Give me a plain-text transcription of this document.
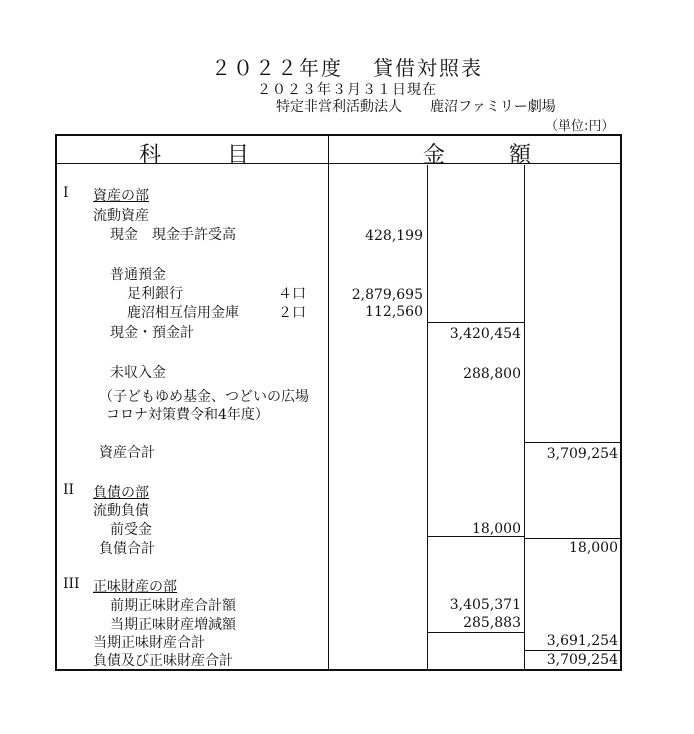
２０２２年度 貸借対照表
２０２３年３月３１日現在
特定非営利活動法人 鹿沼ファミリー劇場
（単位:円）
科	目	金	額
I 資産の部
流動資産
現金　現金手許受高	428,199
普通預金
足利銀行	４口	2,879,695
鹿沼相互信用金庫	２口	112,560
現金・預金計	3,420,454
未収入金	288,800
（子どもゆめ基金、つどいの広場
コロナ対策費令和4年度）
資産合計	3,709,254
II 負債の部
流動負債
前受金	18,000
負債合計	18,000
III 正味財産の部
前期正味財産合計額	3,405,371
当期正味財産増減額	285,883
当期正味財産合計	3,691,254
負債及び正味財産合計	3,709,254
